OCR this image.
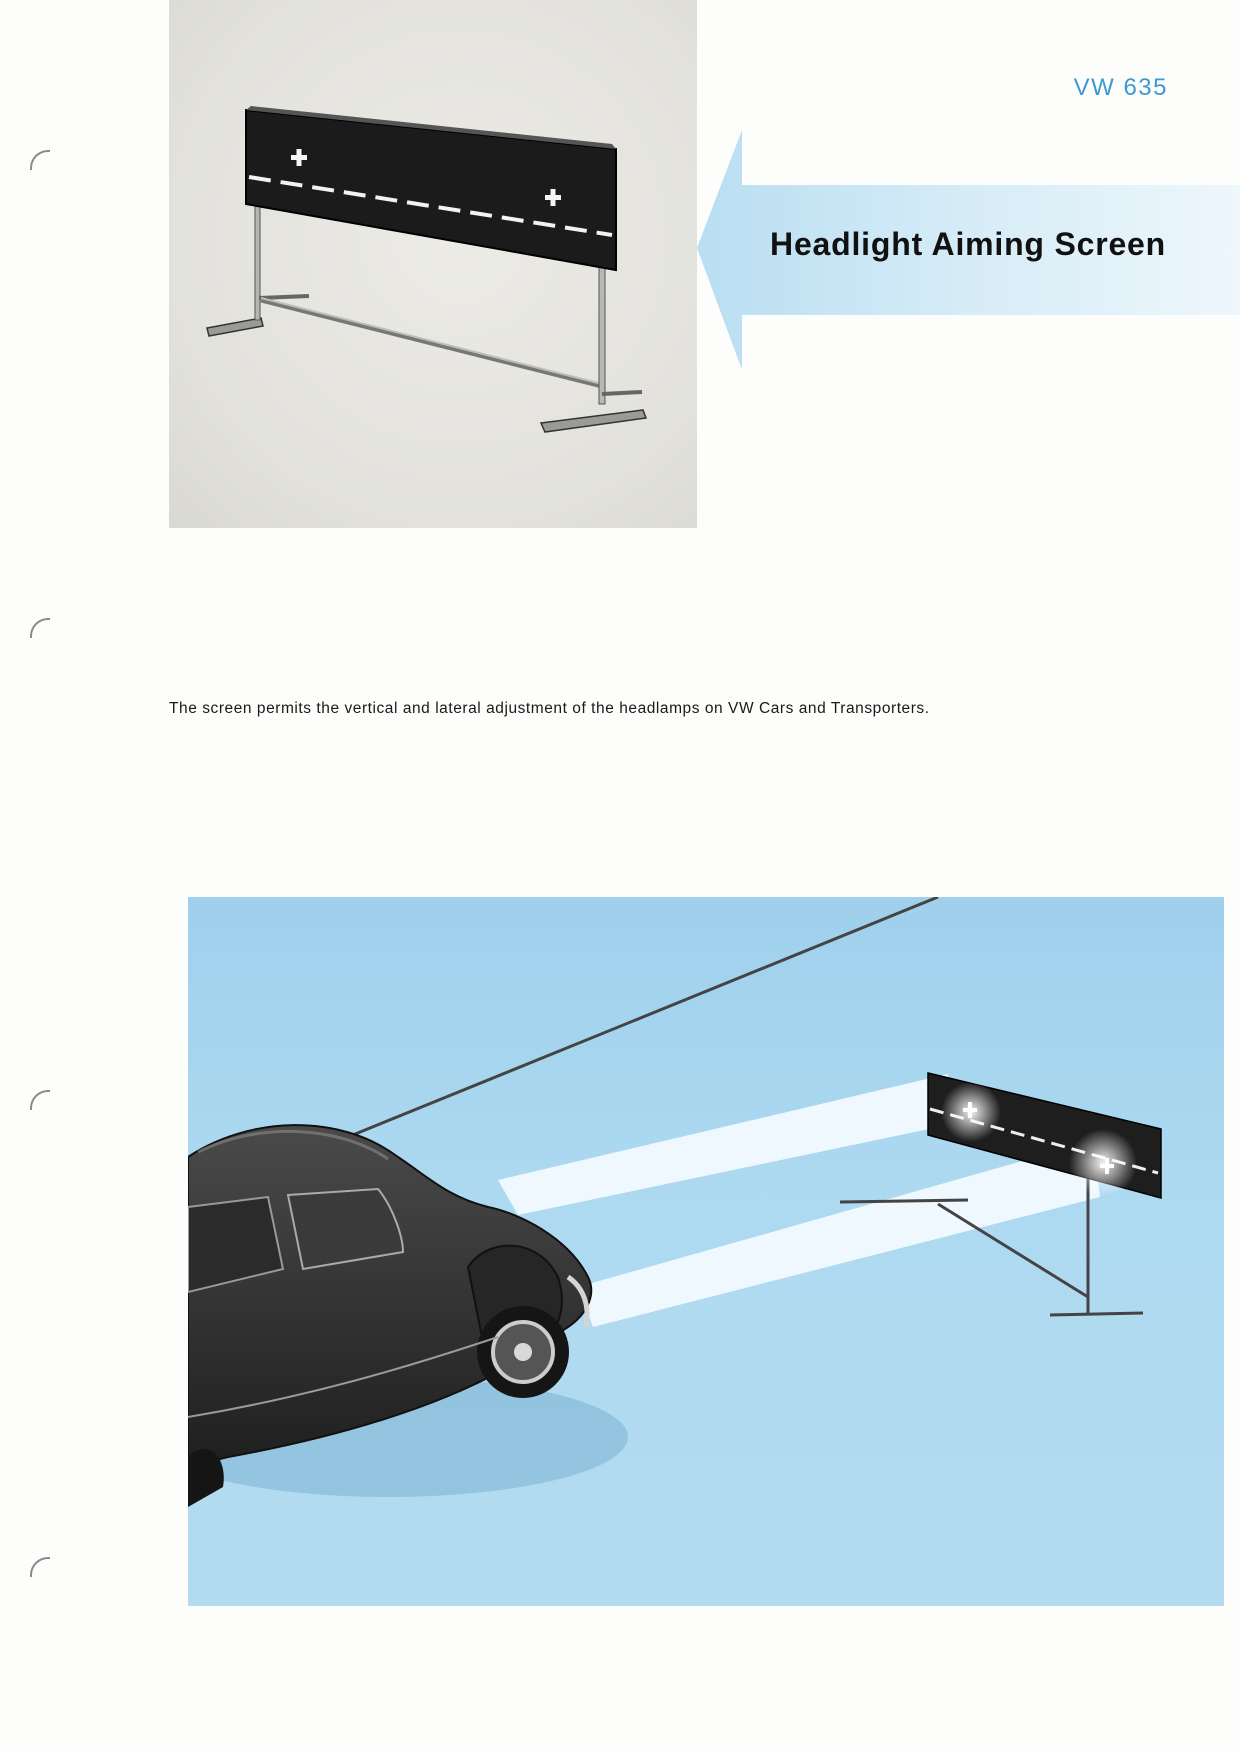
VW 635
Headlight Aiming Screen
The screen permits the vertical and lateral adjustment of the headlamps on VW Cars and Transporters.
